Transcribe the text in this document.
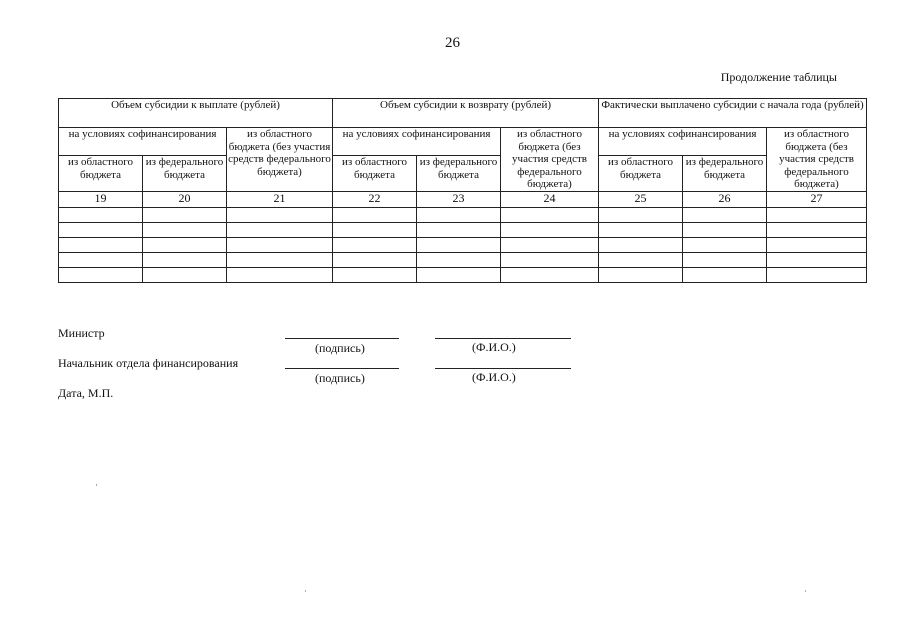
26
Продолжение таблицы
Объем субсидии к выплате (рублей)			Объем субсидии к возврату (рублей)			Фактически выплачено субсидии с начала года (рублей)		
на условиях софинансирования		из областного бюджета (без участия средств федерального бюджета)	на условиях софинансирования		из областного бюджета (без участия средств федерального бюджета)	на условиях софинансирования		из областного бюджета (без участия средств федерального бюджета)
из областного бюджета	из федерального бюджета		из областного бюджета	из федерального бюджета		из областного бюджета	из федерального бюджета	
19	20	21	22	23	24	25	26	27

Министр
(подпись)	(Ф.И.О.)
Начальник отдела финансирования
(подпись)	(Ф.И.О.)
Дата, М.П.
